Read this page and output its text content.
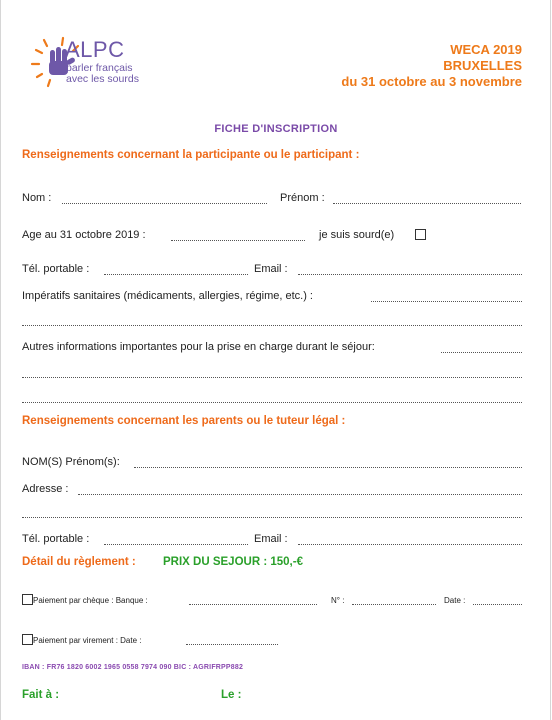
ALPC
parler français
avec les sourds
WECA 2019
BRUXELLES
du 31 octobre au 3 novembre
FICHE D'INSCRIPTION
Renseignements concernant la participante ou le participant :
Nom :	Prénom :
Age au 31 octobre 2019 :	je suis sourd(e)
Tél. portable :	Email :
Impératifs sanitaires (médicaments, allergies, régime, etc.) :
Autres informations importantes pour la prise en charge durant le séjour:
Renseignements concernant les parents ou le tuteur légal :
NOM(S) Prénom(s):
Adresse :
Tél. portable :	Email :
Détail du règlement : PRIX DU SEJOUR : 150,-€
Paiement par chèque : Banque :	N° :	Date :
Paiement par virement : Date :
IBAN : FR76 1820 6002 1965 0558 7974 090 BIC : AGRIFRPP882
Fait à :	Le :
